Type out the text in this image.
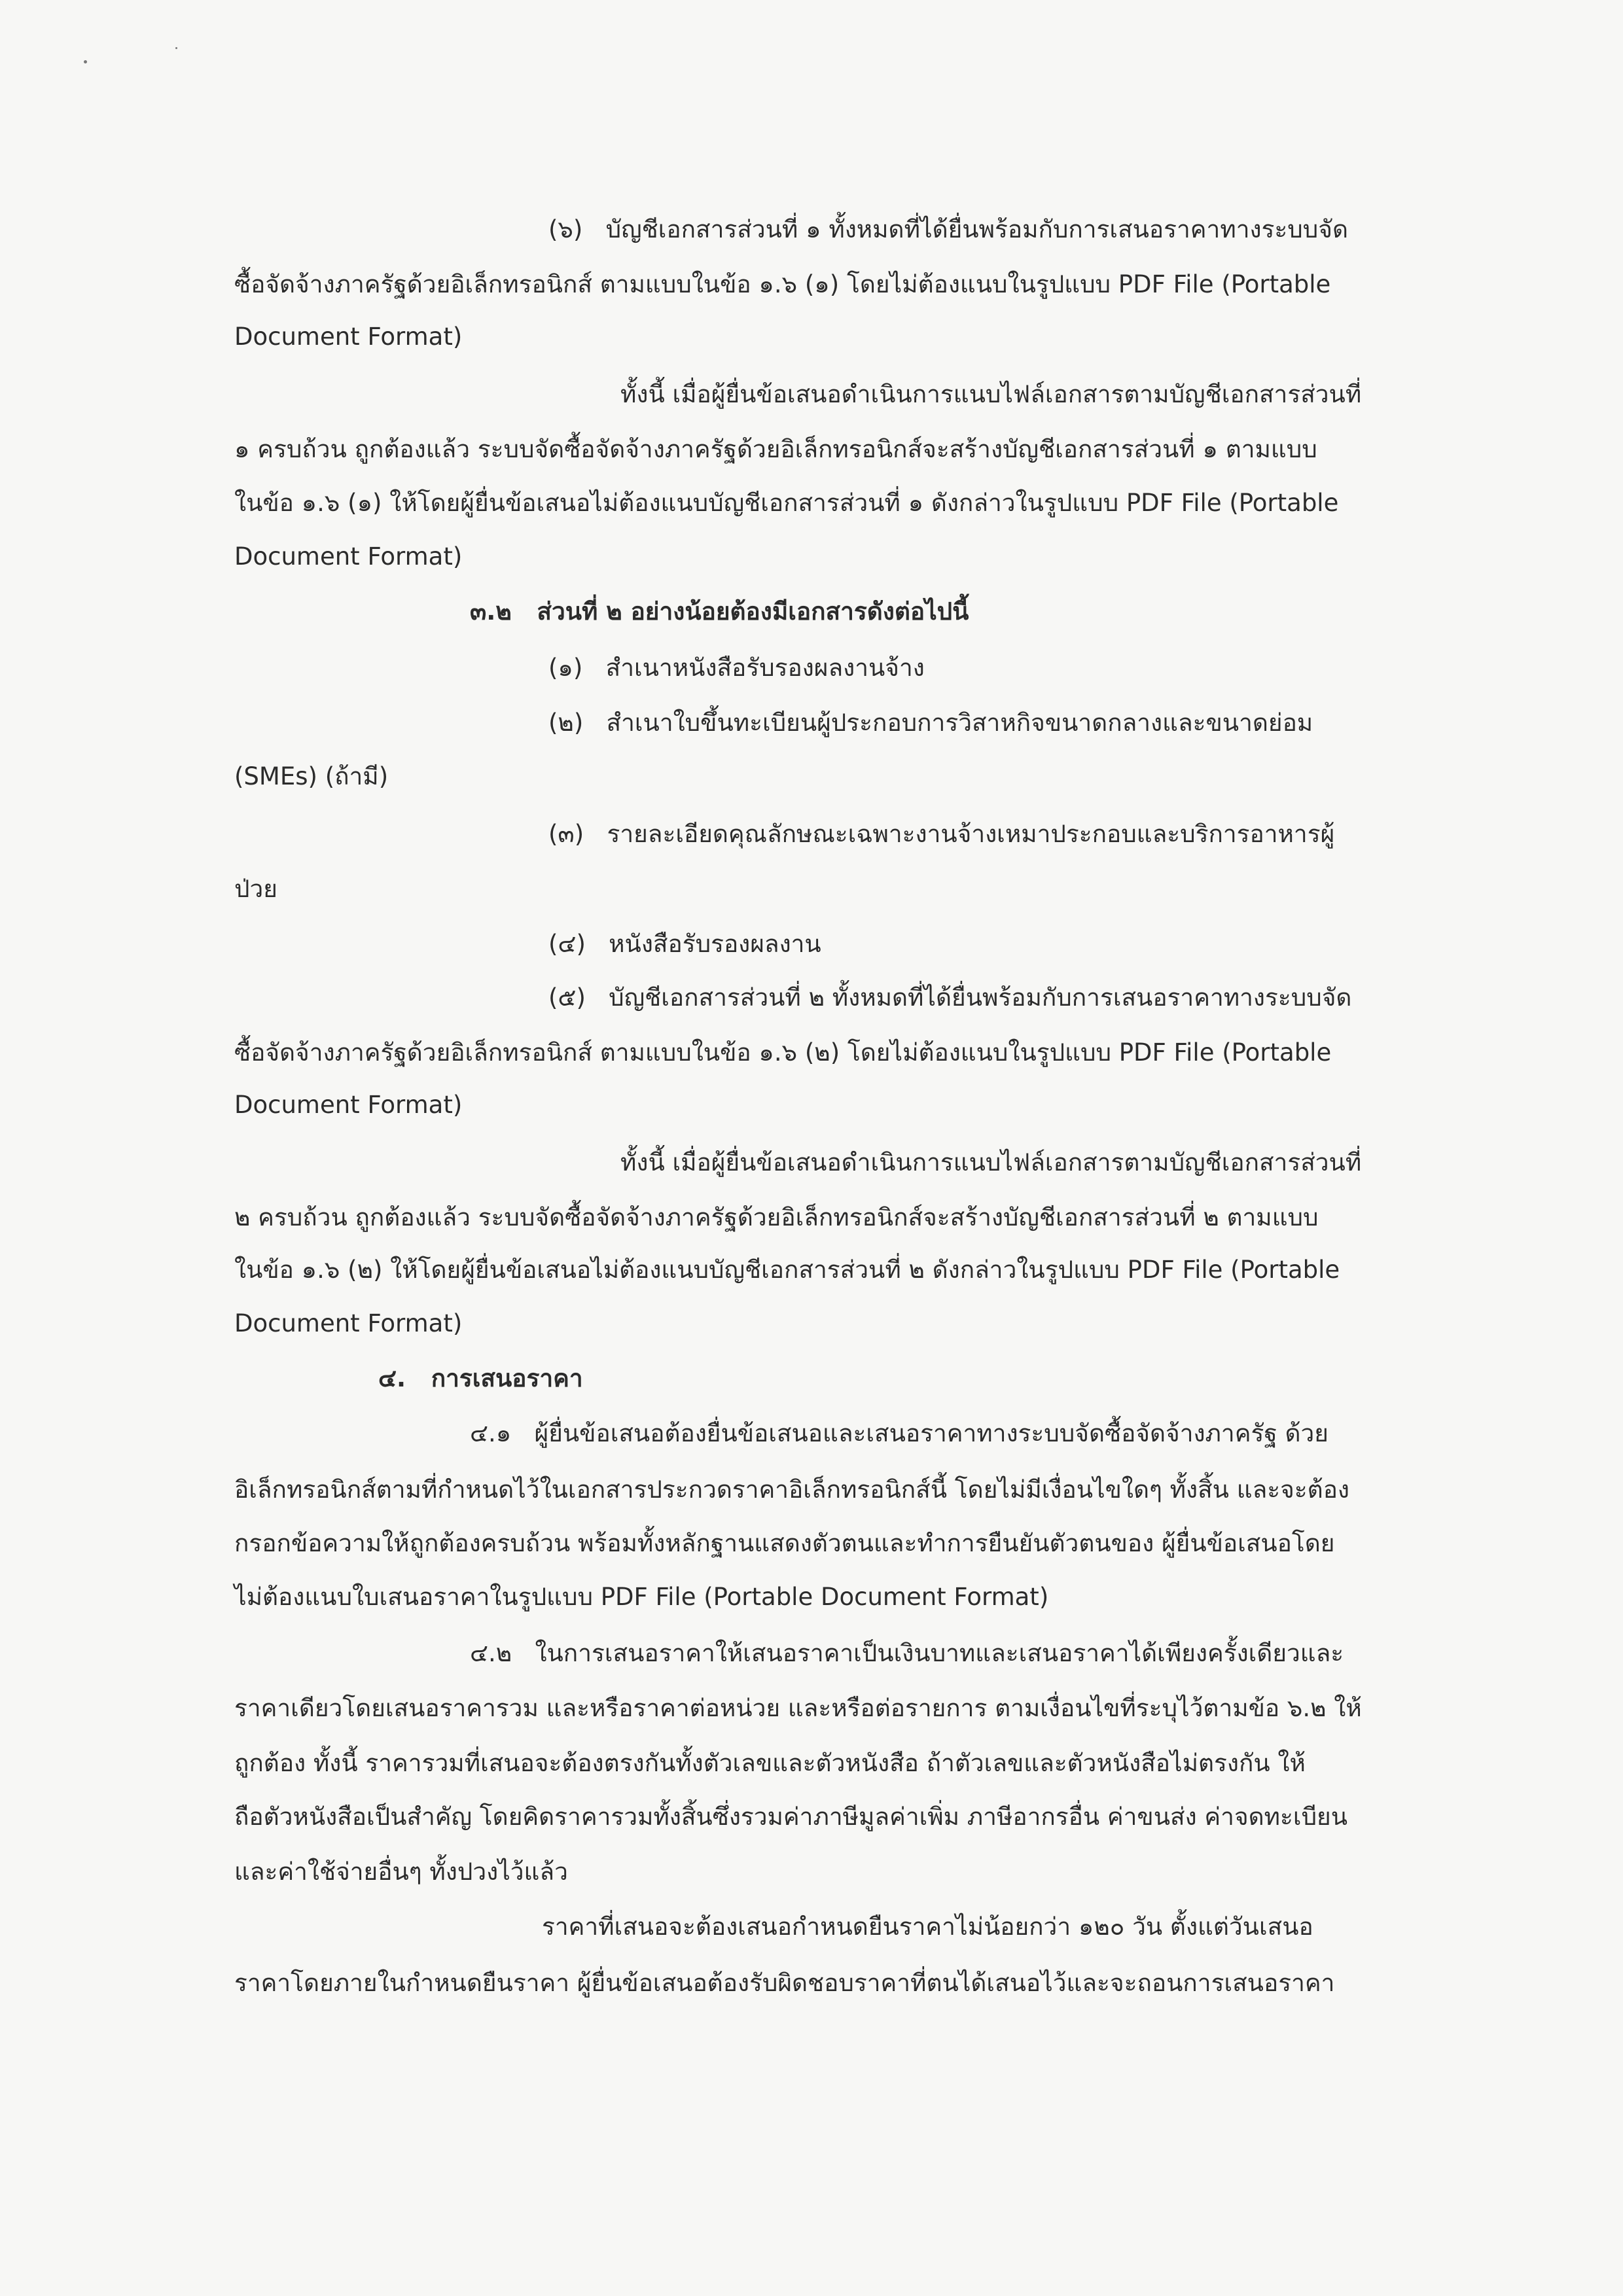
(๖)   บัญชีเอกสารส่วนที่ ๑ ทั้งหมดที่ได้ยื่นพร้อมกับการเสนอราคาทางระบบจัด
ซื้อจัดจ้างภาครัฐด้วยอิเล็กทรอนิกส์ ตามแบบในข้อ ๑.๖ (๑) โดยไม่ต้องแนบในรูปแบบ PDF File (Portable
Document Format)
ทั้งนี้ เมื่อผู้ยื่นข้อเสนอดำเนินการแนบไฟล์เอกสารตามบัญชีเอกสารส่วนที่
๑ ครบถ้วน ถูกต้องแล้ว ระบบจัดซื้อจัดจ้างภาครัฐด้วยอิเล็กทรอนิกส์จะสร้างบัญชีเอกสารส่วนที่ ๑ ตามแบบ
ในข้อ ๑.๖ (๑) ให้โดยผู้ยื่นข้อเสนอไม่ต้องแนบบัญชีเอกสารส่วนที่ ๑ ดังกล่าวในรูปแบบ PDF File (Portable
Document Format)
๓.๒   ส่วนที่ ๒ อย่างน้อยต้องมีเอกสารดังต่อไปนี้
(๑)   สำเนาหนังสือรับรองผลงานจ้าง
(๒)   สำเนาใบขึ้นทะเบียนผู้ประกอบการวิสาหกิจขนาดกลางและขนาดย่อม
(SMEs) (ถ้ามี)
(๓)   รายละเอียดคุณลักษณะเฉพาะงานจ้างเหมาประกอบและบริการอาหารผู้
ป่วย
(๔)   หนังสือรับรองผลงาน
(๕)   บัญชีเอกสารส่วนที่ ๒ ทั้งหมดที่ได้ยื่นพร้อมกับการเสนอราคาทางระบบจัด
ซื้อจัดจ้างภาครัฐด้วยอิเล็กทรอนิกส์ ตามแบบในข้อ ๑.๖ (๒) โดยไม่ต้องแนบในรูปแบบ PDF File (Portable
Document Format)
ทั้งนี้ เมื่อผู้ยื่นข้อเสนอดำเนินการแนบไฟล์เอกสารตามบัญชีเอกสารส่วนที่
๒ ครบถ้วน ถูกต้องแล้ว ระบบจัดซื้อจัดจ้างภาครัฐด้วยอิเล็กทรอนิกส์จะสร้างบัญชีเอกสารส่วนที่ ๒ ตามแบบ
ในข้อ ๑.๖ (๒) ให้โดยผู้ยื่นข้อเสนอไม่ต้องแนบบัญชีเอกสารส่วนที่ ๒ ดังกล่าวในรูปแบบ PDF File (Portable
Document Format)
๔.   การเสนอราคา
๔.๑   ผู้ยื่นข้อเสนอต้องยื่นข้อเสนอและเสนอราคาทางระบบจัดซื้อจัดจ้างภาครัฐ ด้วย
อิเล็กทรอนิกส์ตามที่กำหนดไว้ในเอกสารประกวดราคาอิเล็กทรอนิกส์นี้ โดยไม่มีเงื่อนไขใดๆ ทั้งสิ้น และจะต้อง
กรอกข้อความให้ถูกต้องครบถ้วน พร้อมทั้งหลักฐานแสดงตัวตนและทำการยืนยันตัวตนของ ผู้ยื่นข้อเสนอโดย
ไม่ต้องแนบใบเสนอราคาในรูปแบบ PDF File (Portable Document Format)
๔.๒   ในการเสนอราคาให้เสนอราคาเป็นเงินบาทและเสนอราคาได้เพียงครั้งเดียวและ
ราคาเดียวโดยเสนอราคารวม และหรือราคาต่อหน่วย และหรือต่อรายการ ตามเงื่อนไขที่ระบุไว้ตามข้อ ๖.๒ ให้
ถูกต้อง ทั้งนี้ ราคารวมที่เสนอจะต้องตรงกันทั้งตัวเลขและตัวหนังสือ ถ้าตัวเลขและตัวหนังสือไม่ตรงกัน ให้
ถือตัวหนังสือเป็นสำคัญ โดยคิดราคารวมทั้งสิ้นซึ่งรวมค่าภาษีมูลค่าเพิ่ม ภาษีอากรอื่น ค่าขนส่ง ค่าจดทะเบียน
และค่าใช้จ่ายอื่นๆ ทั้งปวงไว้แล้ว
ราคาที่เสนอจะต้องเสนอกำหนดยืนราคาไม่น้อยกว่า ๑๒๐ วัน ตั้งแต่วันเสนอ
ราคาโดยภายในกำหนดยืนราคา ผู้ยื่นข้อเสนอต้องรับผิดชอบราคาที่ตนได้เสนอไว้และจะถอนการเสนอราคา
